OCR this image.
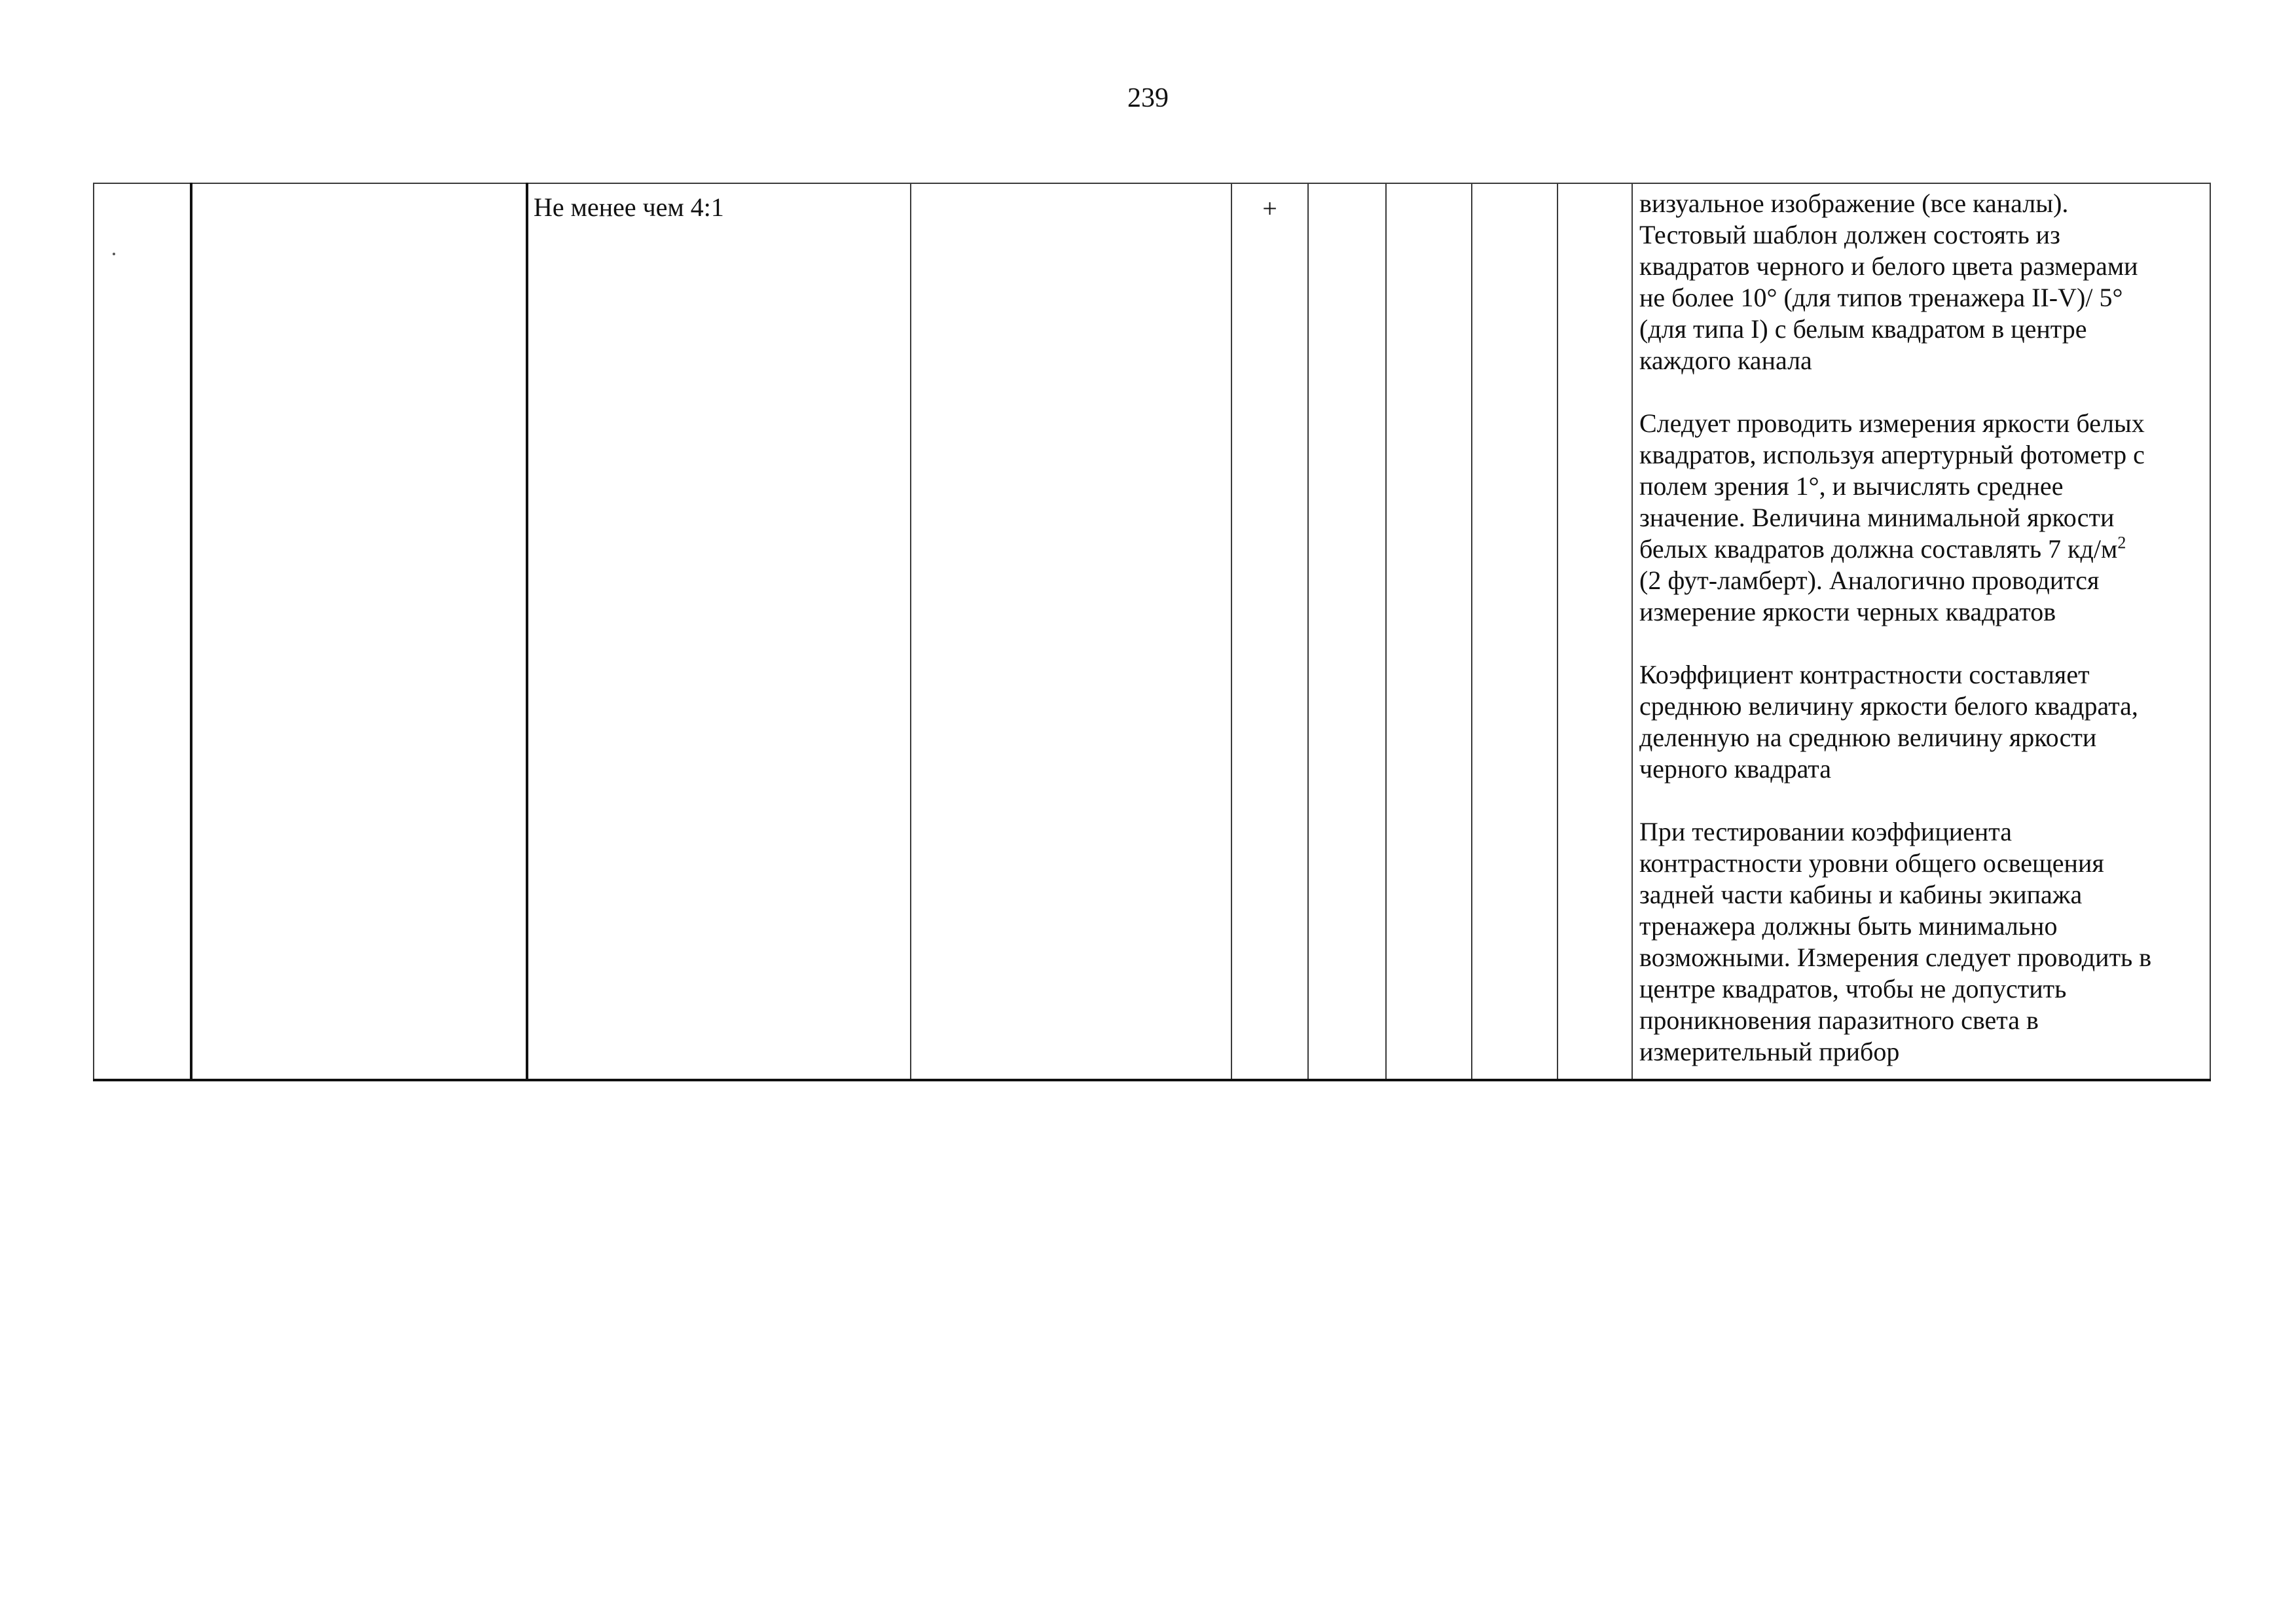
239

Не менее чем 4:1		+					визуальное изображение (все каналы).
Тестовый шаблон должен состоять из
квадратов черного и белого цвета размерами
не более 10° (для типов тренажера II-V)/ 5°
(для типа I) с белым квадратом в центре
каждого канала

Следует проводить измерения яркости белых
квадратов, используя апертурный фотометр с
полем зрения 1°, и вычислять среднее
значение. Величина минимальной яркости
белых квадратов должна составлять 7 $кд/м^2$
(2 фут-ламберт). Аналогично проводится
измерение яркости черных квадратов

Коэффициент контрастности составляет
среднюю величину яркости белого квадрата,
деленную на среднюю величину яркости
черного квадрата

При тестировании коэффициента
контрастности уровни общего освещения
задней части кабины и кабины экипажа
тренажера должны быть минимально
возможными. Измерения следует проводить в
центре квадратов, чтобы не допустить
проникновения паразитного света в
измерительный прибор
